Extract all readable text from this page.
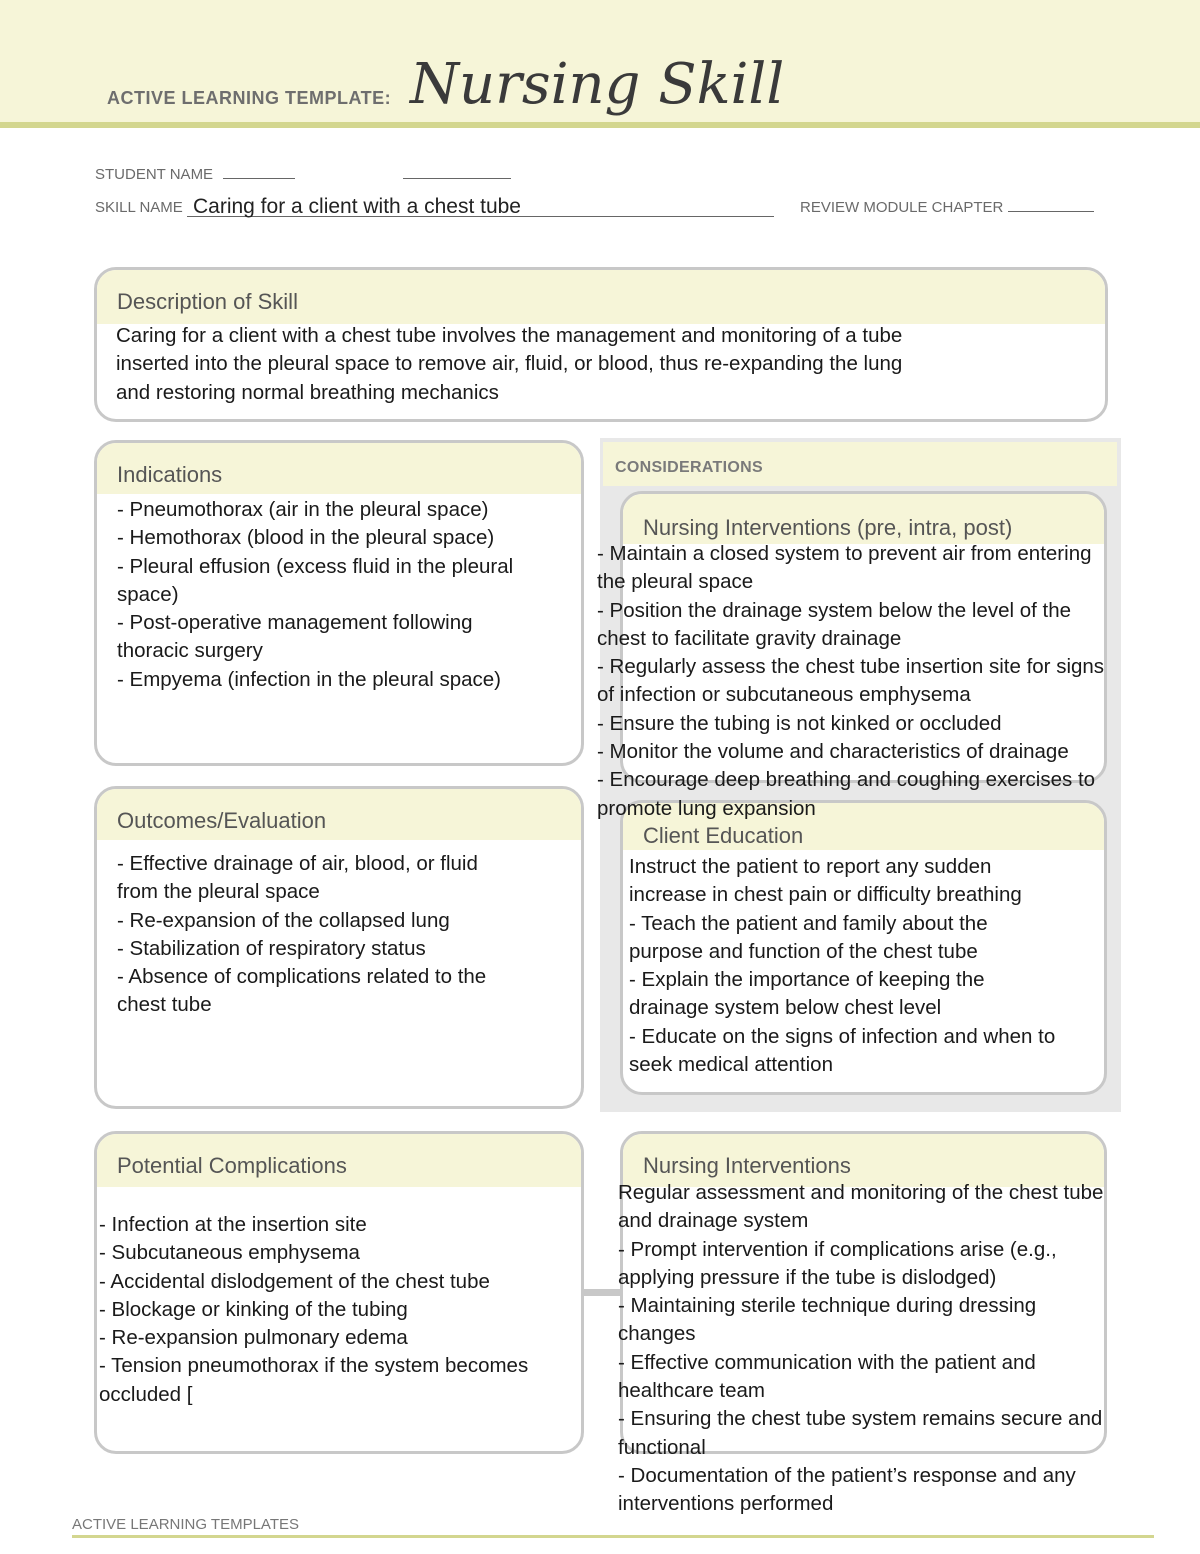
ACTIVE LEARNING TEMPLATE: Nursing Skill
STUDENT NAME
SKILL NAME Caring for a client with a chest tube
	REVIEW MODULE CHAPTER
Description of Skill
Caring for a client with a chest tube involves the management and monitoring of a tube
inserted into the pleural space to remove air, fluid, or blood, thus re-expanding the lung
and restoring normal breathing mechanics
Indications
- Pneumothorax (air in the pleural space)
- Hemothorax (blood in the pleural space)
- Pleural effusion (excess fluid in the pleural
space)
- Post-operative management following
thoracic surgery
- Empyema (infection in the pleural space)
Outcomes/Evaluation
- Effective drainage of air, blood, or fluid
from the pleural space
- Re-expansion of the collapsed lung
- Stabilization of respiratory status
- Absence of complications related to the
chest tube
CONSIDERATIONS
Nursing Interventions (pre, intra, post)
Client Education
Instruct the patient to report any sudden
increase in chest pain or difficulty breathing
- Teach the patient and family about the
purpose and function of the chest tube
- Explain the importance of keeping the
drainage system below chest level
- Educate on the signs of infection and when to
seek medical attention
- Maintain a closed system to prevent air from entering
the pleural space
- Position the drainage system below the level of the
chest to facilitate gravity drainage
- Regularly assess the chest tube insertion site for signs
of infection or subcutaneous emphysema
- Ensure the tubing is not kinked or occluded
- Monitor the volume and characteristics of drainage
- Encourage deep breathing and coughing exercises to
promote lung expansion
Potential Complications
- Infection at the insertion site
- Subcutaneous emphysema
- Accidental dislodgement of the chest tube
- Blockage or kinking of the tubing
- Re-expansion pulmonary edema
- Tension pneumothorax if the system becomes
occluded [
Nursing Interventions
Regular assessment and monitoring of the chest tube
and drainage system
- Prompt intervention if complications arise (e.g.,
applying pressure if the tube is dislodged)
- Maintaining sterile technique during dressing
changes
- Effective communication with the patient and
healthcare team
- Ensuring the chest tube system remains secure and
functional
- Documentation of the patient’s response and any
interventions performed
ACTIVE LEARNING TEMPLATES
